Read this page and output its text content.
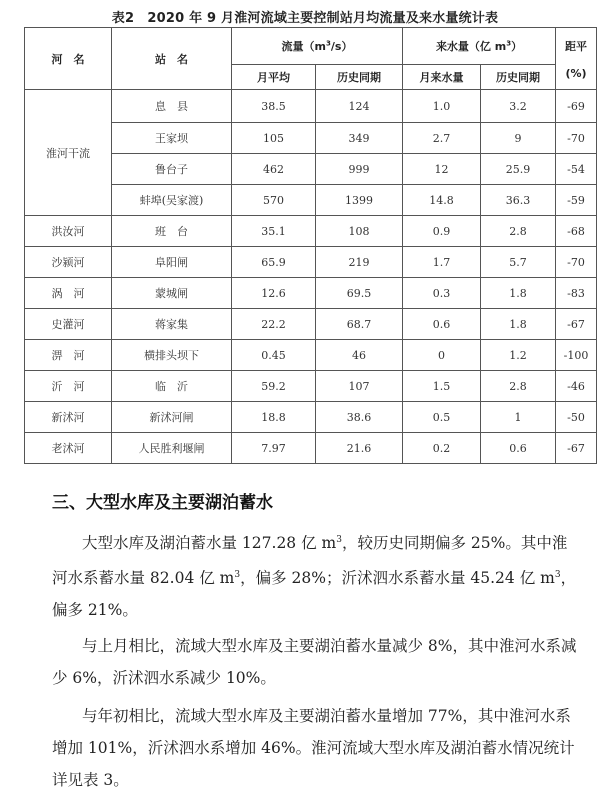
表2　2020 年 9 月淮河流域主要控制站月均流量及来水量统计表
河　名	站　名	流量$(m^3/s)$		来水量（亿 $m^3$）		距平

(%)
		月平均	历史同期	月来水量	历史同期	
淮河干流	息　县	38.5	124	1.0	3.2	-69
	王家坝	105	349	2.7	9	-70
	鲁台子	462	999	12	25.9	-54
	蚌埠(吴家渡)	570	1399	14.8	36.3	-59
洪汝河	班　台	35.1	108	0.9	2.8	-68
沙颍河	阜阳闸	65.9	219	1.7	5.7	-70
涡　河	蒙城闸	12.6	69.5	0.3	1.8	-83
史灌河	蒋家集	22.2	68.7	0.6	1.8	-67
淠　河	横排头坝下	0.45	46	0	1.2	-100
沂　河	临　沂	59.2	107	1.5	2.8	-46
新沭河	新沭河闸	18.8	38.6	0.5	1	-50
老沭河	人民胜利堰闸	7.97	21.6	0.2	0.6	-67
三、大型水库及主要湖泊蓄水

大型水库及湖泊蓄水量 127.28 亿 $m^3$，较历史同期偏多 25%。其中淮河水系蓄水量 82.04 亿 $m^3$，偏多 28%；沂沭泗水系蓄水量 45.24 亿 $m^3$，偏多 21%。

与上月相比，流域大型水库及主要湖泊蓄水量减少 8%，其中淮河水系减少 6%，沂沭泗水系减少 10%。

与年初相比，流域大型水库及主要湖泊蓄水量增加 77%，其中淮河水系增加 101%，沂沭泗水系增加 46%。淮河流域大型水库及湖泊蓄水情况统计详见表 3。
